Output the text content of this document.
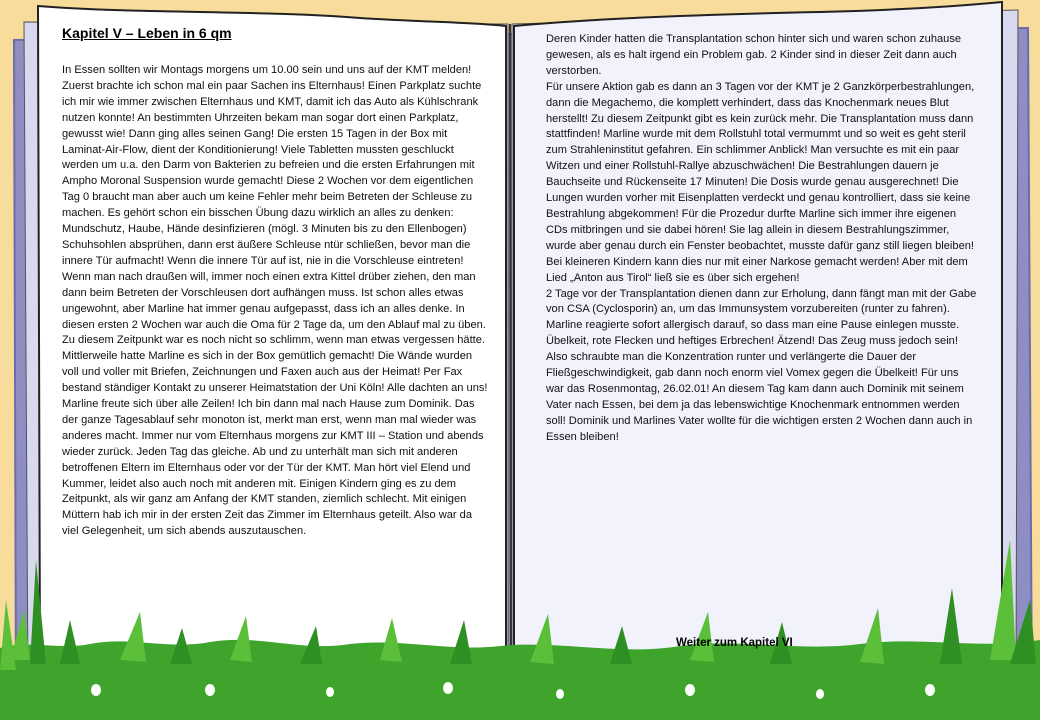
Kapitel V – Leben in 6 qm

In Essen sollten wir Montags morgens um 10.00 sein und uns auf der KMT melden! Zuerst brachte ich schon mal ein paar Sachen ins Elternhaus! Einen Parkplatz suchte ich mir wie immer zwischen Elternhaus und KMT, damit ich das Auto als Kühlschrank nutzen konnte! An bestimmten Uhrzeiten bekam man sogar dort einen Parkplatz, gewusst wie! Dann ging alles seinen Gang! Die ersten 15 Tagen in der Box mit Laminat-Air-Flow, dient der Konditionierung! Viele Tabletten mussten geschluckt werden um u.a. den Darm von Bakterien zu befreien und die ersten Erfahrungen mit Ampho Moronal Suspension wurde gemacht! Diese 2 Wochen vor dem eigentlichen Tag 0 braucht man aber auch um keine Fehler mehr beim Betreten der Schleuse zu machen. Es gehört schon ein bisschen Übung dazu wirklich an alles zu denken: Mundschutz, Haube, Hände desinfizieren (mögl. 3 Minuten bis zu den Ellenbogen) Schuhsohlen absprühen, dann erst äußere Schleuse ntür schließen, bevor man die innere Tür aufmacht! Wenn die innere Tür auf ist, nie in die Vorschleuse eintreten! Wenn man nach draußen will, immer noch einen extra Kittel drüber ziehen, den man dann beim Betreten der Vorschleusen dort aufhängen muss. Ist schon alles etwas ungewohnt, aber Marline hat immer genau aufgepasst, dass ich an alles denke. In diesen ersten 2 Wochen war auch die Oma für 2 Tage da, um den Ablauf mal zu üben. Zu diesem Zeitpunkt war es noch nicht so schlimm, wenn man etwas vergessen hätte. Mittlerweile hatte Marline es sich in der Box gemütlich gemacht! Die Wände wurden voll und voller mit Briefen, Zeichnungen und Faxen auch aus der Heimat! Per Fax bestand ständiger Kontakt zu unserer Heimatstation der Uni Köln! Alle dachten an uns! Marline freute sich über alle Zeilen! Ich bin dann mal nach Hause zum Dominik. Das der ganze Tagesablauf sehr monoton ist, merkt man erst, wenn man mal wieder was anderes macht. Immer nur vom Elternhaus morgens zur KMT III – Station und abends wieder zurück. Jeden Tag das gleiche. Ab und zu unterhält man sich mit anderen betroffenen Eltern im Elternhaus oder vor der Tür der KMT. Man hört viel Elend und Kummer, leidet also auch noch mit anderen mit. Einigen Kindern ging es zu dem Zeitpunkt, als wir ganz am Anfang der KMT standen, ziemlich schlecht. Mit einigen Müttern hab ich mir in der ersten Zeit das Zimmer im Elternhaus geteilt. Also war da viel Gelegenheit, um sich abends auszutauschen.

Deren Kinder hatten die Transplantation schon hinter sich und waren schon zuhause gewesen, als es halt irgend ein Problem gab. 2 Kinder sind in dieser Zeit dann auch verstorben.
Für unsere Aktion gab es dann an 3 Tagen vor der KMT je 2 Ganzkörperbestrahlungen, dann die Megachemo, die komplett verhindert, dass das Knochenmark neues Blut herstellt! Zu diesem Zeitpunkt gibt es kein zurück mehr. Die Transplantation muss dann stattfinden! Marline wurde mit dem Rollstuhl total vermummt und so weit es geht steril zum Strahleninstitut gefahren. Ein schlimmer Anblick! Man versuchte es mit ein paar Witzen und einer Rollstuhl-Rallye abzuschwächen! Die Bestrahlungen dauern je Bauchseite und Rückenseite 17 Minuten! Die Dosis wurde genau ausgerechnet! Die Lungen wurden vorher mit Eisenplatten verdeckt und genau kontrolliert, dass sie keine Bestrahlung abgekommen! Für die Prozedur durfte Marline sich immer ihre eigenen CDs mitbringen und sie dabei hören! Sie lag allein in diesem Bestrahlungszimmer, wurde aber genau durch ein Fenster beobachtet, musste dafür ganz still liegen bleiben! Bei kleineren Kindern kann dies nur mit einer Narkose gemacht werden! Aber mit dem Lied „Anton aus Tirol“ ließ sie es über sich ergehen!
2 Tage vor der Transplantation dienen dann zur Erholung, dann fängt man mit der Gabe von CSA (Cyclosporin) an, um das Immunsystem vorzubereiten (runter zu fahren). Marline reagierte sofort allergisch darauf, so dass man eine Pause einlegen musste. Übelkeit, rote Flecken und heftiges Erbrechen! Ätzend! Das Zeug muss jedoch sein! Also schraubte man die Konzentration runter und verlängerte die Dauer der Fließgeschwindigkeit, gab dann noch enorm viel Vomex gegen die Übelkeit! Für uns war das Rosenmontag, 26.02.01! An diesem Tag kam dann auch Dominik mit seinem Vater nach Essen, bei dem ja das lebenswichtige Knochenmark entnommen werden soll! Dominik und Marlines Vater wollte für die wichtigen ersten 2 Wochen dann auch in Essen bleiben!
Weiter zum Kapitel VI
